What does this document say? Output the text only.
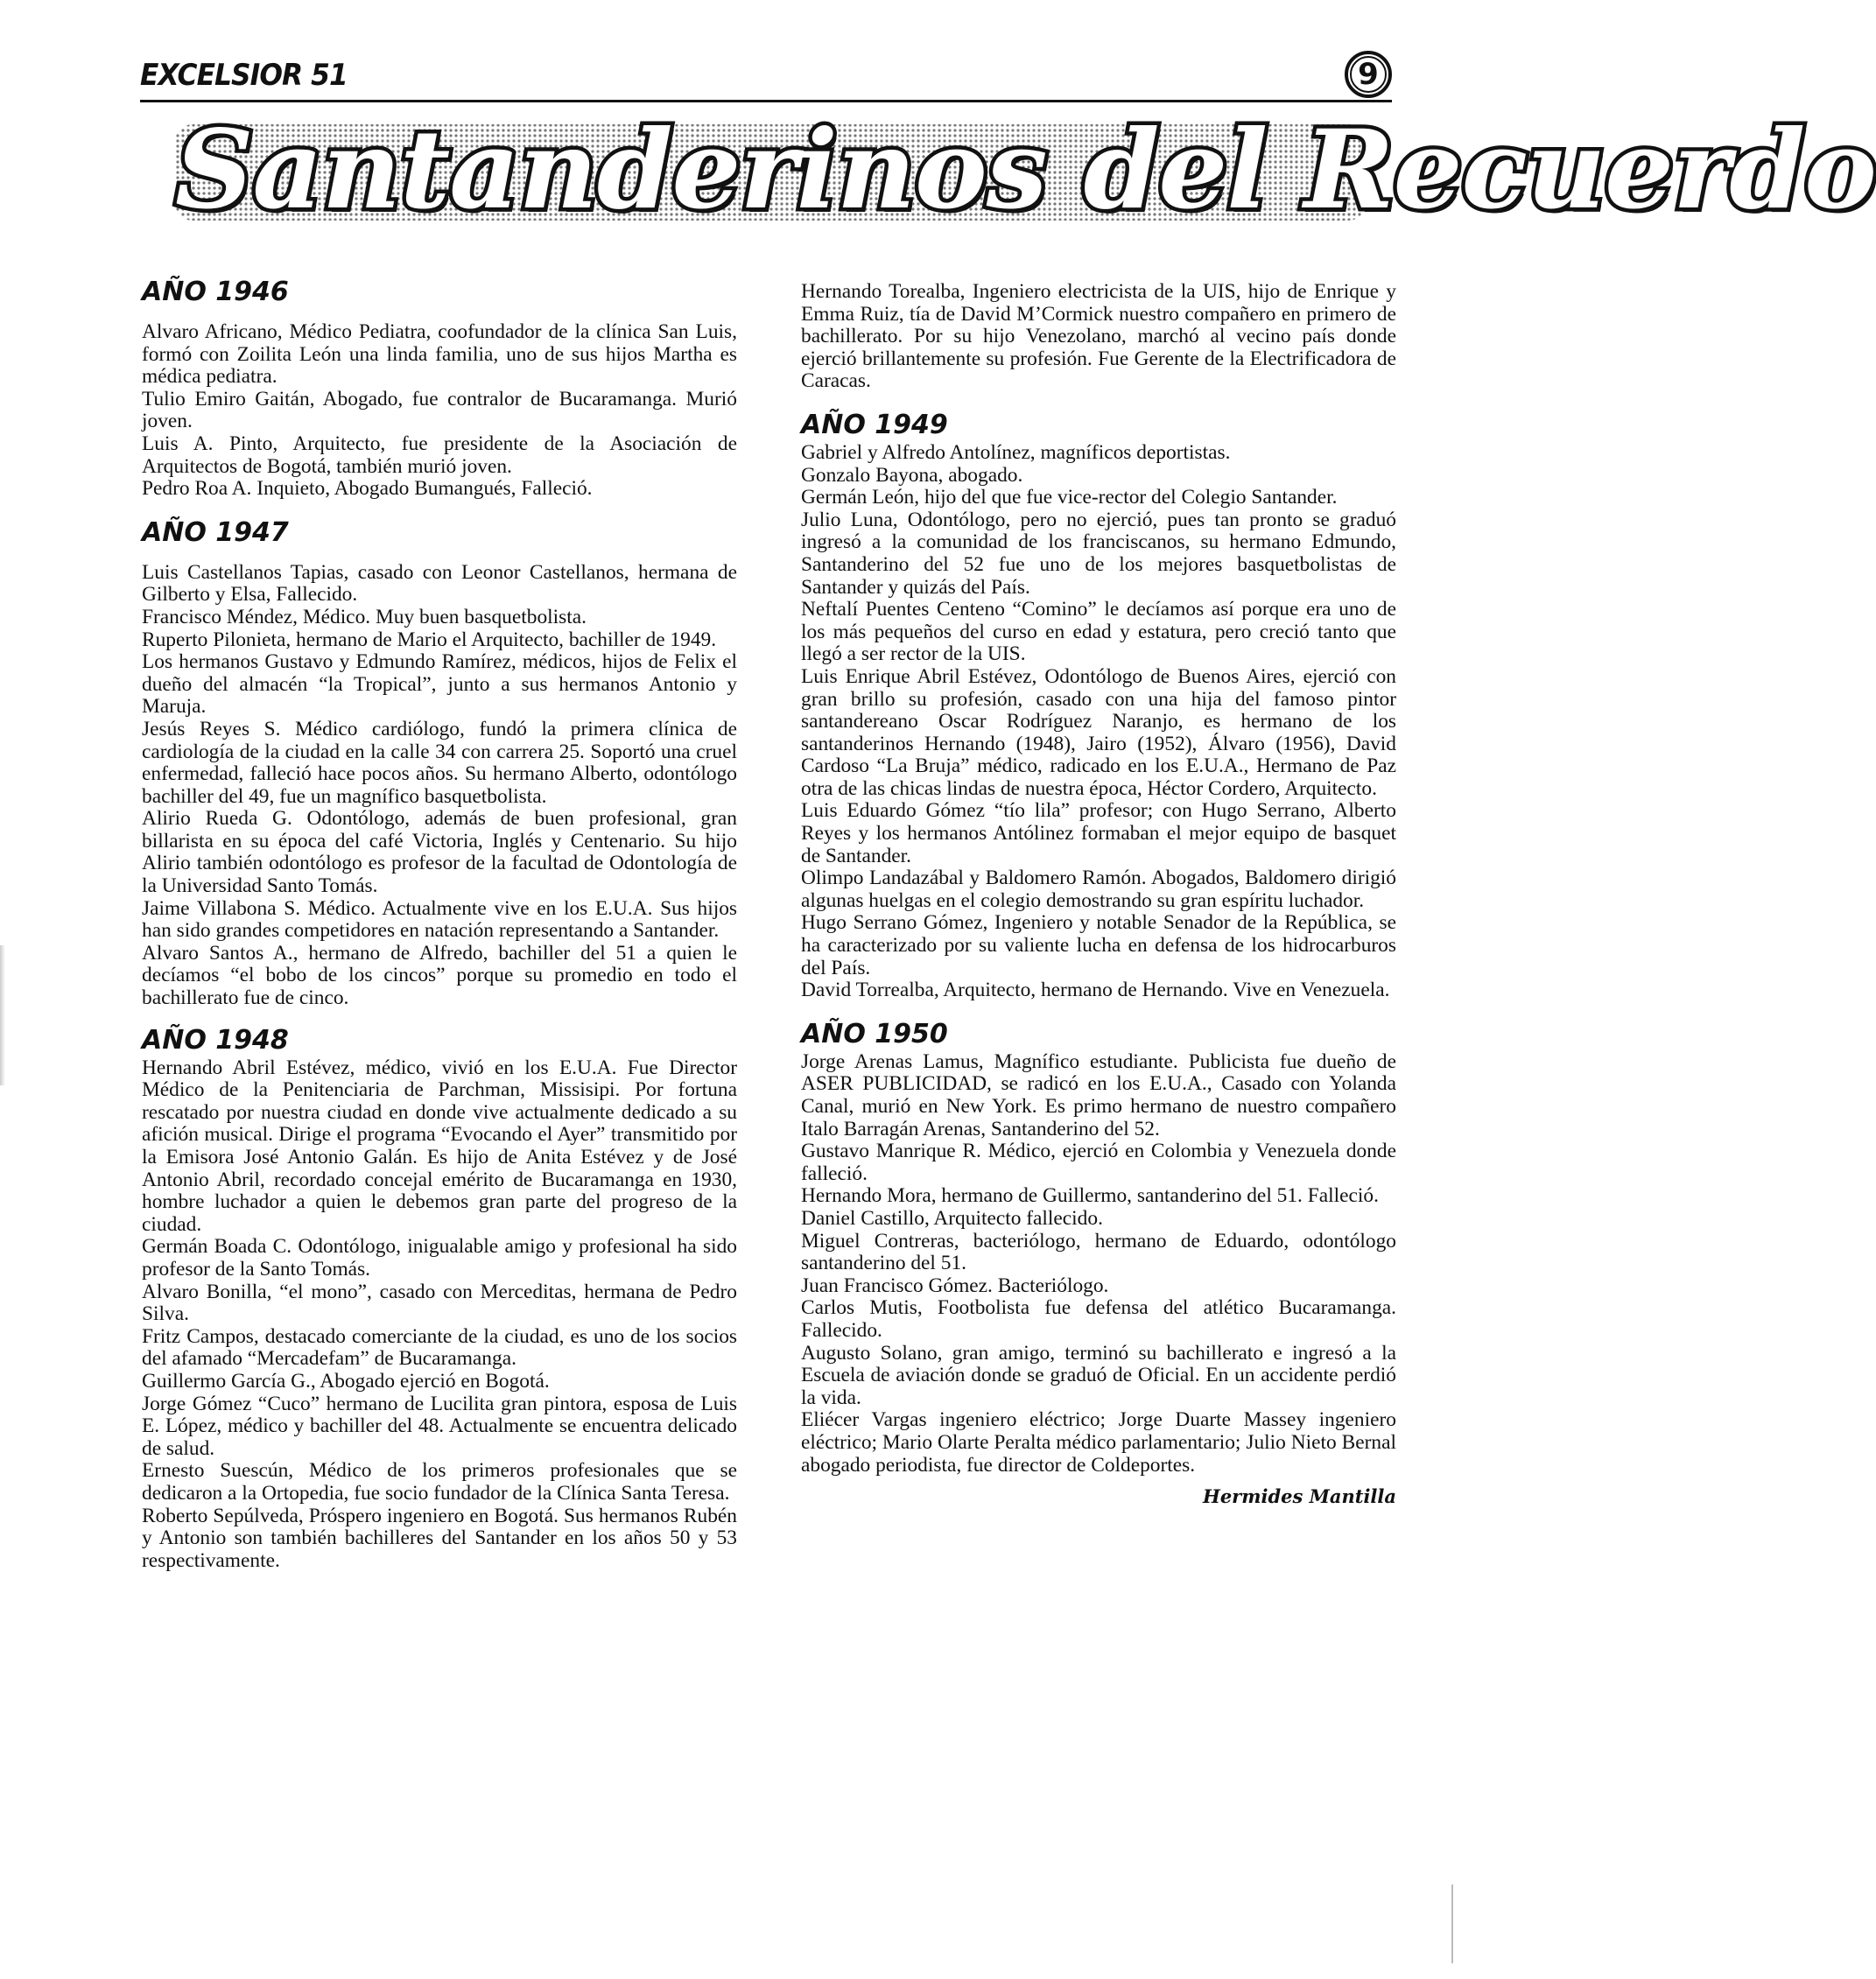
EXCELSIOR 51	9
Santanderinos del Recuerdo
AÑO 1946

Alvaro Africano, Médico Pediatra, coofundador de la clínica San Luis, formó con Zoilita León una linda familia, uno de sus hijos Martha es médica pediatra.

Tulio Emiro Gaitán, Abogado, fue contralor de Bucaramanga. Murió joven.

Luis A. Pinto, Arquitecto, fue presidente de la Asociación de Arquitectos de Bogotá, también murió joven.

Pedro Roa A. Inquieto, Abogado Bumangués, Falleció.

AÑO 1947

Luis Castellanos Tapias, casado con Leonor Castellanos, hermana de Gilberto y Elsa, Fallecido.

Francisco Méndez, Médico. Muy buen basquetbolista.

Ruperto Pilonieta, hermano de Mario el Arquitecto, bachiller de 1949.

Los hermanos Gustavo y Edmundo Ramírez, médicos, hijos de Felix el dueño del almacén “la Tropical”, junto a sus hermanos Antonio y Maruja.

Jesús Reyes S. Médico cardiólogo, fundó la primera clínica de cardiología de la ciudad en la calle 34 con carrera 25. Soportó una cruel enfermedad, falleció hace pocos años. Su hermano Alberto, odontólogo bachiller del 49, fue un magnífico basquetbolista.

Alirio Rueda G. Odontólogo, además de buen profesional, gran billarista en su época del café Victoria, Inglés y Centenario. Su hijo Alirio también odontólogo es profesor de la facultad de Odontología de la Universidad Santo Tomás.

Jaime Villabona S. Médico. Actualmente vive en los E.U.A. Sus hijos han sido grandes competidores en natación representando a Santander.

Alvaro Santos A., hermano de Alfredo, bachiller del 51 a quien le decíamos “el bobo de los cincos” porque su promedio en todo el bachillerato fue de cinco.

AÑO 1948

Hernando Abril Estévez, médico, vivió en los E.U.A. Fue Director Médico de la Penitenciaria de Parchman, Missisipi. Por fortuna rescatado por nuestra ciudad en donde vive actualmente dedicado a su afición musical. Dirige el programa “Evocando el Ayer” transmitido por la Emisora José Antonio Galán. Es hijo de Anita Estévez y de José Antonio Abril, recordado concejal emérito de Bucaramanga en 1930, hombre luchador a quien le debemos gran parte del progreso de la ciudad.

Germán Boada C. Odontólogo, inigualable amigo y profesional ha sido profesor de la Santo Tomás.

Alvaro Bonilla, “el mono”, casado con Merceditas, hermana de Pedro Silva.

Fritz Campos, destacado comerciante de la ciudad, es uno de los socios del afamado “Mercadefam” de Bucaramanga.

Guillermo García G., Abogado ejerció en Bogotá.

Jorge Gómez “Cuco” hermano de Lucilita gran pintora, esposa de Luis E. López, médico y bachiller del 48. Actualmente se encuentra delicado de salud.

Ernesto Suescún, Médico de los primeros profesionales que se dedicaron a la Ortopedia, fue socio fundador de la Clínica Santa Teresa.

Roberto Sepúlveda, Próspero ingeniero en Bogotá. Sus hermanos Rubén y Antonio son también bachilleres del Santander en los años 50 y 53 respectivamente.

Hernando Torealba, Ingeniero electricista de la UIS, hijo de Enrique y Emma Ruiz, tía de David M’Cormick nuestro compañero en primero de bachillerato. Por su hijo Venezolano, marchó al vecino país donde ejerció brillantemente su profesión. Fue Gerente de la Electrificadora de Caracas.

AÑO 1949

Gabriel y Alfredo Antolínez, magníficos deportistas.

Gonzalo Bayona, abogado.

Germán León, hijo del que fue vice-rector del Colegio Santander.

Julio Luna, Odontólogo, pero no ejerció, pues tan pronto se graduó ingresó a la comunidad de los franciscanos, su hermano Edmundo, Santanderino del 52 fue uno de los mejores basquetbolistas de Santander y quizás del País.

Neftalí Puentes Centeno “Comino” le decíamos así porque era uno de los más pequeños del curso en edad y estatura, pero creció tanto que llegó a ser rector de la UIS.

Luis Enrique Abril Estévez, Odontólogo de Buenos Aires, ejerció con gran brillo su profesión, casado con una hija del famoso pintor santandereano Oscar Rodríguez Naranjo, es hermano de los santanderinos Hernando (1948), Jairo (1952), Álvaro (1956), David Cardoso “La Bruja” médico, radicado en los E.U.A., Hermano de Paz otra de las chicas lindas de nuestra época, Héctor Cordero, Arquitecto.

Luis Eduardo Gómez “tío lila” profesor; con Hugo Serrano, Alberto Reyes y los hermanos Antólinez formaban el mejor equipo de basquet de Santander.

Olimpo Landazábal y Baldomero Ramón. Abogados, Baldomero dirigió algunas huelgas en el colegio demostrando su gran espíritu luchador.

Hugo Serrano Gómez, Ingeniero y notable Senador de la República, se ha caracterizado por su valiente lucha en defensa de los hidrocarburos del País.

David Torrealba, Arquitecto, hermano de Hernando. Vive en Venezuela.

AÑO 1950

Jorge Arenas Lamus, Magnífico estudiante. Publicista fue dueño de ASER PUBLICIDAD, se radicó en los E.U.A., Casado con Yolanda Canal, murió en New York. Es primo hermano de nuestro compañero Italo Barragán Arenas, Santanderino del 52.

Gustavo Manrique R. Médico, ejerció en Colombia y Venezuela donde falleció.

Hernando Mora, hermano de Guillermo, santanderino del 51. Falleció.

Daniel Castillo, Arquitecto fallecido.

Miguel Contreras, bacteriólogo, hermano de Eduardo, odontólogo santanderino del 51.

Juan Francisco Gómez. Bacteriólogo.

Carlos Mutis, Footbolista fue defensa del atlético Bucaramanga. Fallecido.

Augusto Solano, gran amigo, terminó su bachillerato e ingresó a la Escuela de aviación donde se graduó de Oficial. En un accidente perdió la vida.

Eliécer Vargas ingeniero eléctrico; Jorge Duarte Massey ingeniero eléctrico; Mario Olarte Peralta médico parlamentario; Julio Nieto Bernal abogado periodista, fue director de Coldeportes.

Hermides Mantilla
